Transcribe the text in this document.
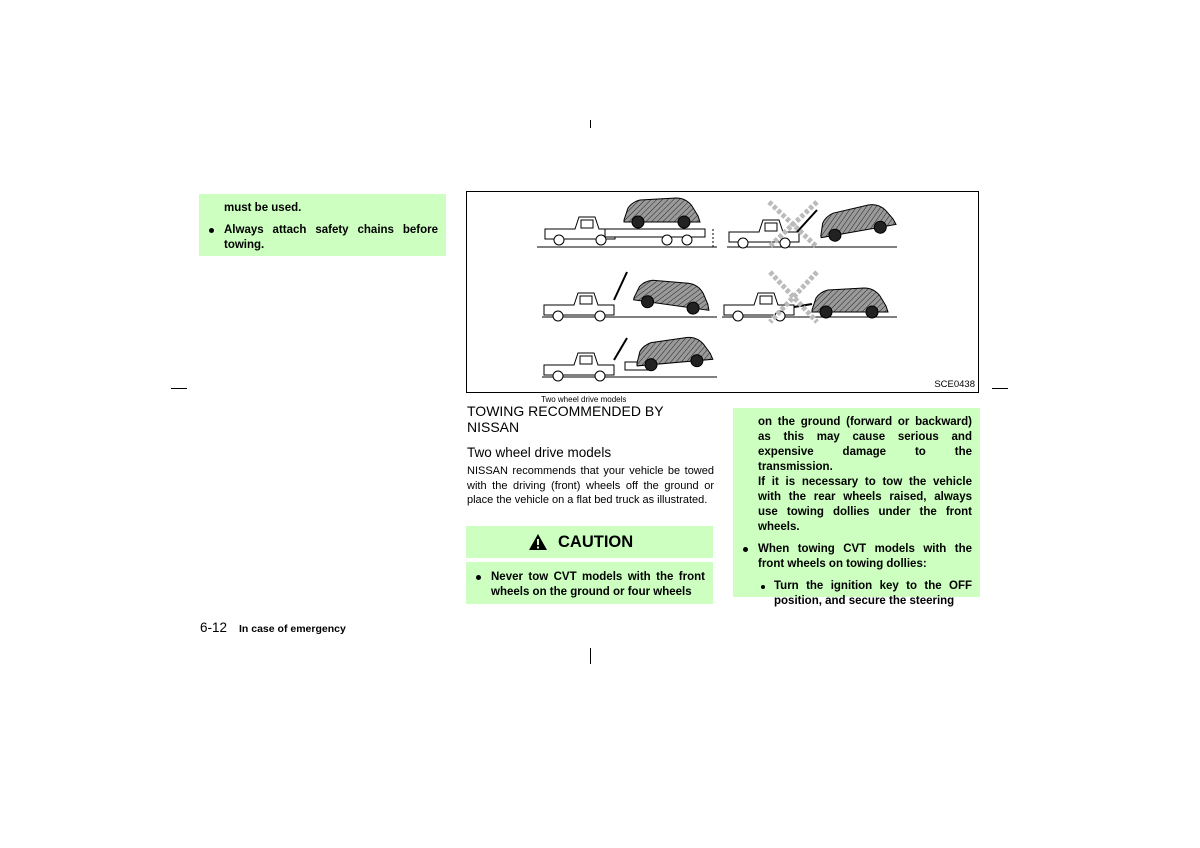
must be used.
Always attach safety chains before towing.
SCE0438
Two wheel drive models
TOWING RECOMMENDED BY NISSAN
Two wheel drive models
NISSAN recommends that your vehicle be towed with the driving (front) wheels off the ground or place the vehicle on a flat bed truck as illustrated.
CAUTION
Never tow CVT models with the front wheels on the ground or four wheels
on the ground (forward or backward) as this may cause serious and expensive damage to the transmission.
If it is necessary to tow the vehicle with the rear wheels raised, always use towing dollies under the front wheels.
When towing CVT models with the front wheels on towing dollies:
Turn the ignition key to the OFF position, and secure the steering
6-12 In case of emergency
